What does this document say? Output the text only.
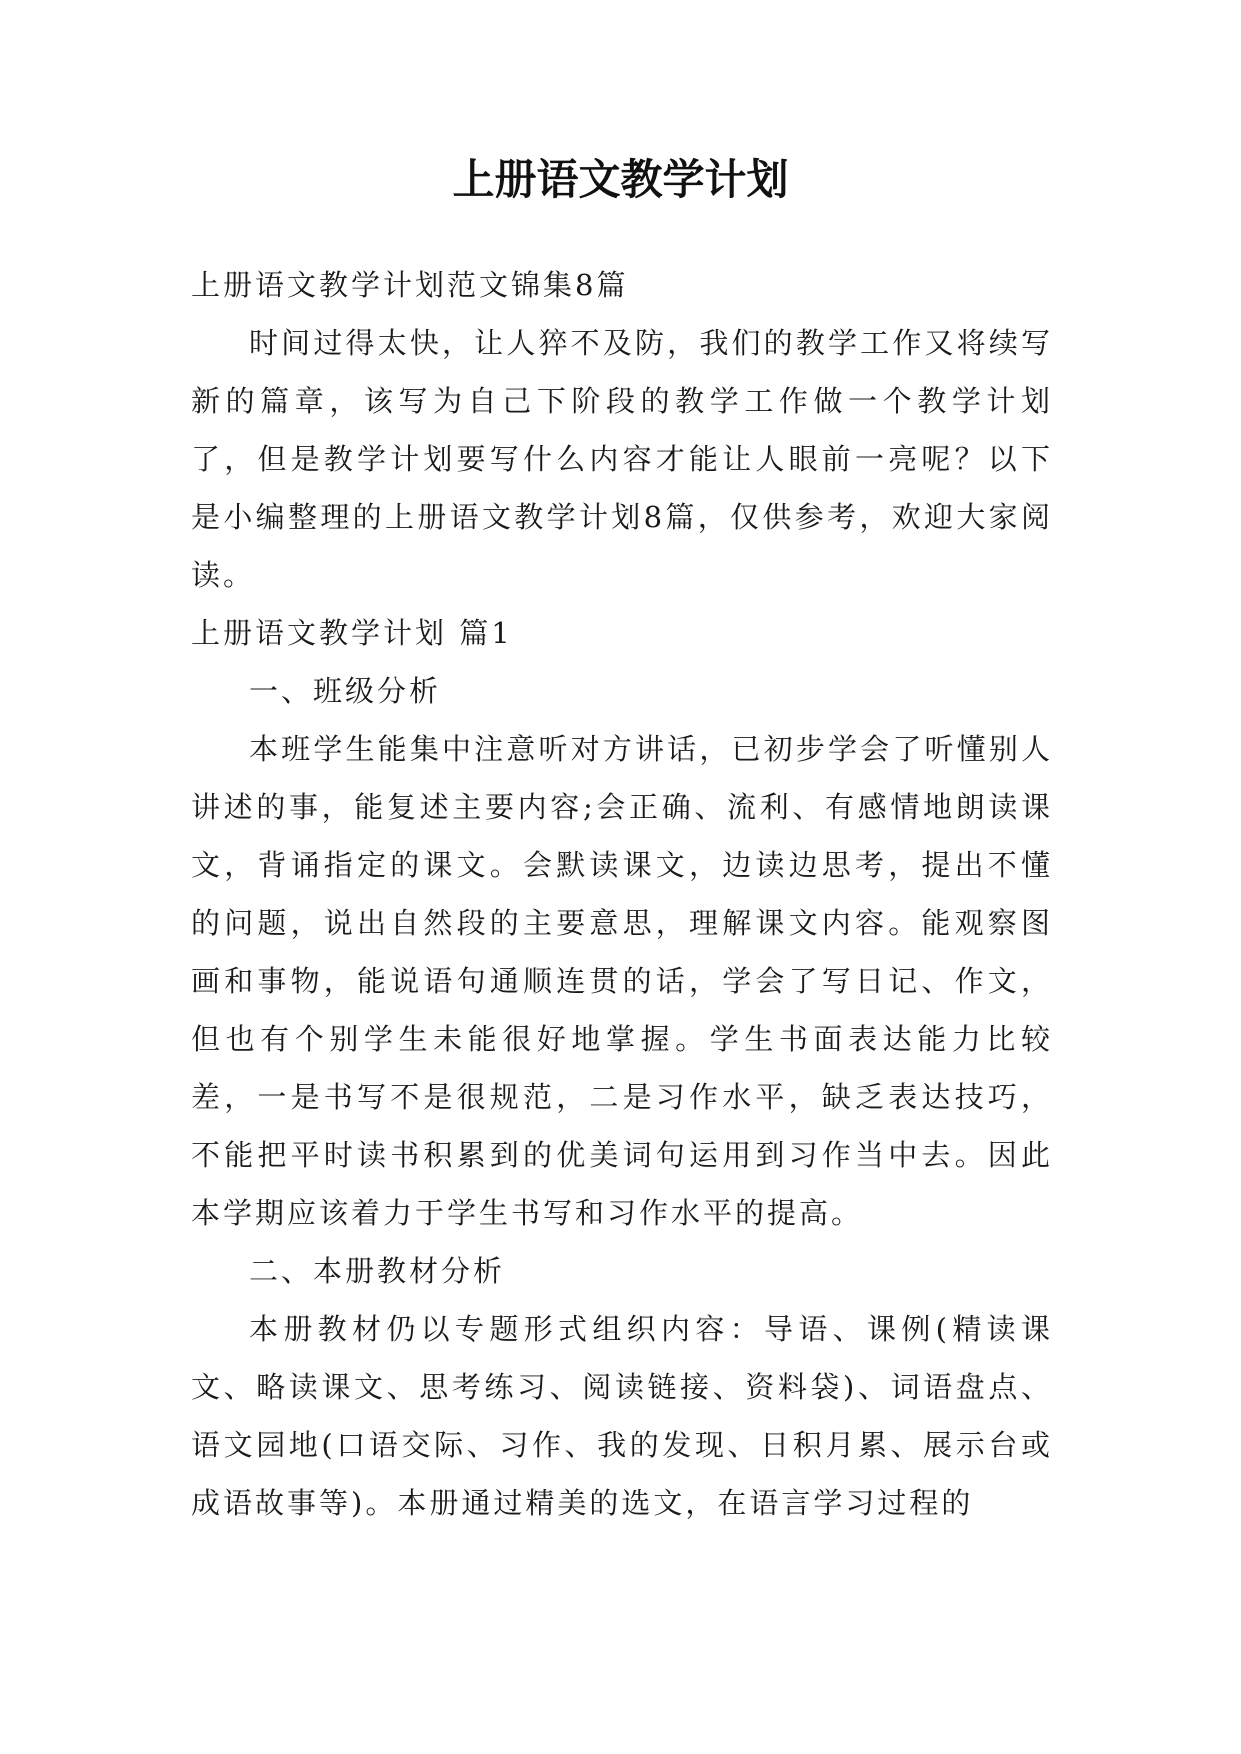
上册语文教学计划

上册语文教学计划范文锦集8篇

时间过得太快，让人猝不及防，我们的教学工作又将续写新的篇章，该写为自己下阶段的教学工作做一个教学计划了，但是教学计划要写什么内容才能让人眼前一亮呢？以下是小编整理的上册语文教学计划8篇，仅供参考，欢迎大家阅读。

上册语文教学计划 篇1

一、班级分析

本班学生能集中注意听对方讲话，已初步学会了听懂别人讲述的事，能复述主要内容;会正确、流利、有感情地朗读课文，背诵指定的课文。会默读课文，边读边思考，提出不懂的问题，说出自然段的主要意思，理解课文内容。能观察图画和事物，能说语句通顺连贯的话，学会了写日记、作文，但也有个别学生未能很好地掌握。学生书面表达能力比较差，一是书写不是很规范，二是习作水平，缺乏表达技巧，不能把平时读书积累到的优美词句运用到习作当中去。因此本学期应该着力于学生书写和习作水平的提高。

二、本册教材分析

本册教材仍以专题形式组织内容：导语、课例(精读课文、略读课文、思考练习、阅读链接、资料袋)、词语盘点、语文园地(口语交际、习作、我的发现、日积月累、展示台或成语故事等)。本册通过精美的选文，在语言学习过程的
